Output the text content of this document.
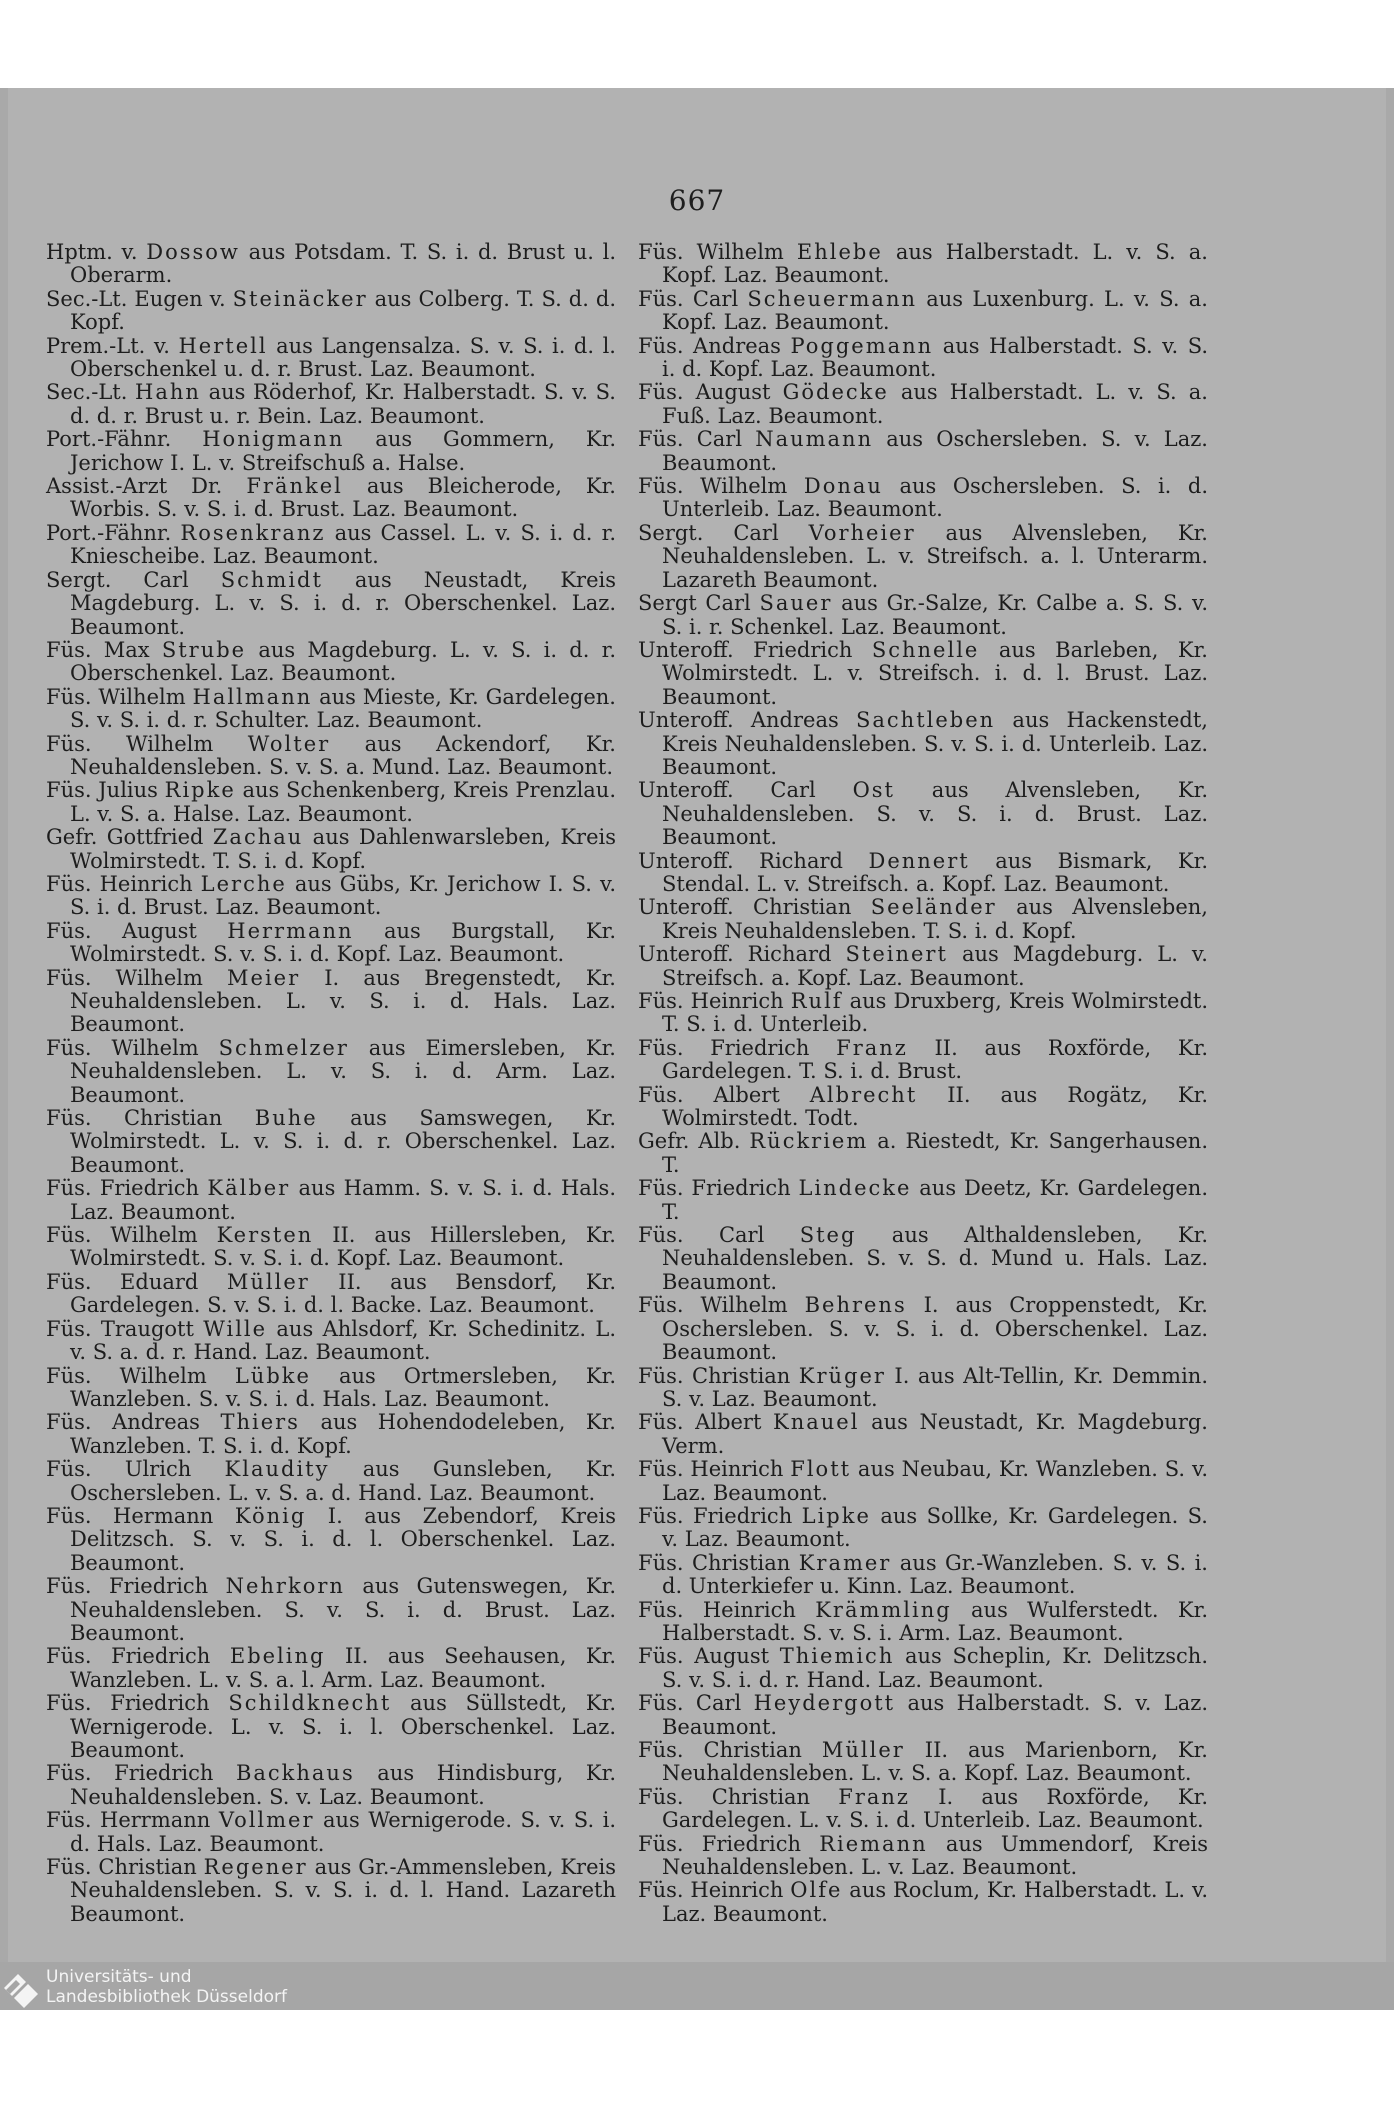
667
Hptm. v. Dossow aus Potsdam. T. S. i. d. Brust u. l. Oberarm.
Sec.-Lt. Eugen v. Steinäcker aus Colberg. T. S. d. d. Kopf.
Prem.-Lt. v. Hertell aus Langensalza. S. v. S. i. d. l. Oberschenkel u. d. r. Brust. Laz. Beaumont.
Sec.-Lt. Hahn aus Röderhof, Kr. Halberstadt. S. v. S. d. d. r. Brust u. r. Bein. Laz. Beaumont.
Port.-Fähnr. Honigmann aus Gommern, Kr. Jerichow I. L. v. Streifschuß a. Halse.
Assist.-Arzt Dr. Fränkel aus Bleicherode, Kr. Worbis. S. v. S. i. d. Brust. Laz. Beaumont.
Port.-Fähnr. Rosenkranz aus Cassel. L. v. S. i. d. r. Kniescheibe. Laz. Beaumont.
Sergt. Carl Schmidt aus Neustadt, Kreis Magdeburg. L. v. S. i. d. r. Oberschenkel. Laz. Beaumont.
Füs. Max Strube aus Magdeburg. L. v. S. i. d. r. Oberschenkel. Laz. Beaumont.
Füs. Wilhelm Hallmann aus Mieste, Kr. Gardelegen. S. v. S. i. d. r. Schulter. Laz. Beaumont.
Füs. Wilhelm Wolter aus Ackendorf, Kr. Neuhaldensleben. S. v. S. a. Mund. Laz. Beaumont.
Füs. Julius Ripke aus Schenkenberg, Kreis Prenzlau. L. v. S. a. Halse. Laz. Beaumont.
Gefr. Gottfried Zachau aus Dahlenwarsleben, Kreis Wolmirstedt. T. S. i. d. Kopf.
Füs. Heinrich Lerche aus Gübs, Kr. Jerichow I. S. v. S. i. d. Brust. Laz. Beaumont.
Füs. August Herrmann aus Burgstall, Kr. Wolmirstedt. S. v. S. i. d. Kopf. Laz. Beaumont.
Füs. Wilhelm Meier I. aus Bregenstedt, Kr. Neuhaldensleben. L. v. S. i. d. Hals. Laz. Beaumont.
Füs. Wilhelm Schmelzer aus Eimersleben, Kr. Neuhaldensleben. L. v. S. i. d. Arm. Laz. Beaumont.
Füs. Christian Buhe aus Samswegen, Kr. Wolmirstedt. L. v. S. i. d. r. Oberschenkel. Laz. Beaumont.
Füs. Friedrich Kälber aus Hamm. S. v. S. i. d. Hals. Laz. Beaumont.
Füs. Wilhelm Kersten II. aus Hillersleben, Kr. Wolmirstedt. S. v. S. i. d. Kopf. Laz. Beaumont.
Füs. Eduard Müller II. aus Bensdorf, Kr. Gardelegen. S. v. S. i. d. l. Backe. Laz. Beaumont.
Füs. Traugott Wille aus Ahlsdorf, Kr. Schedinitz. L. v. S. a. d. r. Hand. Laz. Beaumont.
Füs. Wilhelm Lübke aus Ortmersleben, Kr. Wanzleben. S. v. S. i. d. Hals. Laz. Beaumont.
Füs. Andreas Thiers aus Hohendodeleben, Kr. Wanzleben. T. S. i. d. Kopf.
Füs. Ulrich Klaudity aus Gunsleben, Kr. Oschersleben. L. v. S. a. d. Hand. Laz. Beaumont.
Füs. Hermann König I. aus Zebendorf, Kreis Delitzsch. S. v. S. i. d. l. Oberschenkel. Laz. Beaumont.
Füs. Friedrich Nehrkorn aus Gutenswegen, Kr. Neuhaldensleben. S. v. S. i. d. Brust. Laz. Beaumont.
Füs. Friedrich Ebeling II. aus Seehausen, Kr. Wanzleben. L. v. S. a. l. Arm. Laz. Beaumont.
Füs. Friedrich Schildknecht aus Süllstedt, Kr. Wernigerode. L. v. S. i. l. Oberschenkel. Laz. Beaumont.
Füs. Friedrich Backhaus aus Hindisburg, Kr. Neuhaldensleben. S. v. Laz. Beaumont.
Füs. Herrmann Vollmer aus Wernigerode. S. v. S. i. d. Hals. Laz. Beaumont.
Füs. Christian Regener aus Gr.-Ammensleben, Kreis Neuhaldensleben. S. v. S. i. d. l. Hand. Lazareth Beaumont.
Füs. Wilhelm Ehlebe aus Halberstadt. L. v. S. a. Kopf. Laz. Beaumont.
Füs. Carl Scheuermann aus Luxenburg. L. v. S. a. Kopf. Laz. Beaumont.
Füs. Andreas Poggemann aus Halberstadt. S. v. S. i. d. Kopf. Laz. Beaumont.
Füs. August Gödecke aus Halberstadt. L. v. S. a. Fuß. Laz. Beaumont.
Füs. Carl Naumann aus Oschersleben. S. v. Laz. Beaumont.
Füs. Wilhelm Donau aus Oschersleben. S. i. d. Unterleib. Laz. Beaumont.
Sergt. Carl Vorheier aus Alvensleben, Kr. Neuhaldensleben. L. v. Streifsch. a. l. Unterarm. Lazareth Beaumont.
Sergt Carl Sauer aus Gr.-Salze, Kr. Calbe a. S. S. v. S. i. r. Schenkel. Laz. Beaumont.
Unteroff. Friedrich Schnelle aus Barleben, Kr. Wolmirstedt. L. v. Streifsch. i. d. l. Brust. Laz. Beaumont.
Unteroff. Andreas Sachtleben aus Hackenstedt, Kreis Neuhaldensleben. S. v. S. i. d. Unterleib. Laz. Beaumont.
Unteroff. Carl Ost aus Alvensleben, Kr. Neuhaldensleben. S. v. S. i. d. Brust. Laz. Beaumont.
Unteroff. Richard Dennert aus Bismark, Kr. Stendal. L. v. Streifsch. a. Kopf. Laz. Beaumont.
Unteroff. Christian Seeländer aus Alvensleben, Kreis Neuhaldensleben. T. S. i. d. Kopf.
Unteroff. Richard Steinert aus Magdeburg. L. v. Streifsch. a. Kopf. Laz. Beaumont.
Füs. Heinrich Rulf aus Druxberg, Kreis Wolmirstedt. T. S. i. d. Unterleib.
Füs. Friedrich Franz II. aus Roxförde, Kr. Gardelegen. T. S. i. d. Brust.
Füs. Albert Albrecht II. aus Rogätz, Kr. Wolmirstedt. Todt.
Gefr. Alb. Rückriem a. Riestedt, Kr. Sangerhausen. T.
Füs. Friedrich Lindecke aus Deetz, Kr. Gardelegen. T.
Füs. Carl Steg aus Althaldensleben, Kr. Neuhaldensleben. S. v. S. d. Mund u. Hals. Laz. Beaumont.
Füs. Wilhelm Behrens I. aus Croppenstedt, Kr. Oschersleben. S. v. S. i. d. Oberschenkel. Laz. Beaumont.
Füs. Christian Krüger I. aus Alt-Tellin, Kr. Demmin. S. v. Laz. Beaumont.
Füs. Albert Knauel aus Neustadt, Kr. Magdeburg. Verm.
Füs. Heinrich Flott aus Neubau, Kr. Wanzleben. S. v. Laz. Beaumont.
Füs. Friedrich Lipke aus Sollke, Kr. Gardelegen. S. v. Laz. Beaumont.
Füs. Christian Kramer aus Gr.-Wanzleben. S. v. S. i. d. Unterkiefer u. Kinn. Laz. Beaumont.
Füs. Heinrich Krämmling aus Wulferstedt. Kr. Halberstadt. S. v. S. i. Arm. Laz. Beaumont.
Füs. August Thiemich aus Scheplin, Kr. Delitzsch. S. v. S. i. d. r. Hand. Laz. Beaumont.
Füs. Carl Heydergott aus Halberstadt. S. v. Laz. Beaumont.
Füs. Christian Müller II. aus Marienborn, Kr. Neuhaldensleben. L. v. S. a. Kopf. Laz. Beaumont.
Füs. Christian Franz I. aus Roxförde, Kr. Gardelegen. L. v. S. i. d. Unterleib. Laz. Beaumont.
Füs. Friedrich Riemann aus Ummendorf, Kreis Neuhaldensleben. L. v. Laz. Beaumont.
Füs. Heinrich Olfe aus Roclum, Kr. Halberstadt. L. v. Laz. Beaumont.
Universitäts- und
Landesbibliothek Düsseldorf
